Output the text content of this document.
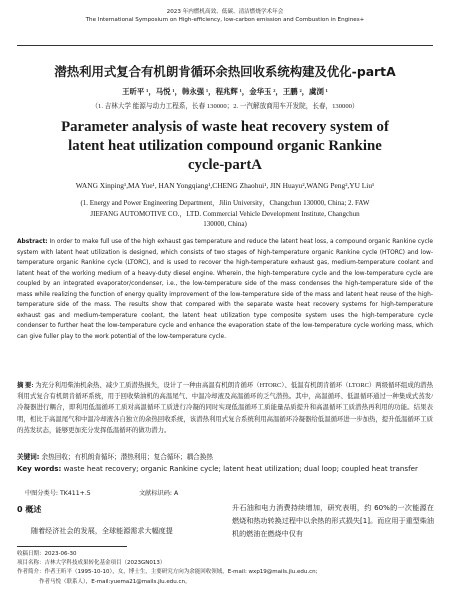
2023 年内燃机高效、低碳、清洁燃烧学术年会
The International Symposium on High-efficiency, low-carbon emission and Combustion in Engines+
潜热利用式复合有机朗肯循环余热回收系统构建及优化-partA
王昕平 ¹，马悦 ¹，韩永强 ¹，程兆辉 ¹，金华玉 ²，王鹏 ²，虞浏 ¹
（1. 吉林大学 能源与动力工程系，长春 130000；2. 一汽解放商用车开发院，长春，130000）
Parameter analysis of waste heat recovery system of
latent heat utilization compound organic Rankine
cycle-partA
WANG Xinping¹,MA Yue¹, HAN Yongqiang¹,CHENG Zhaohui¹, JIN Huayu²,WANG Peng²,YU Liu¹
(1. Energy and Power Engineering Department，Jilin University，Changchun 130000, China; 2. FAW
JIEFANG AUTOMOTIVE CO.，LTD. Commercial Vehicle Development Institute, Changchun
130000, China)

Abstract: In order to make full use of the high exhaust gas temperature and reduce the latent heat loss, a compound organic Rankine cycle system with latent heat utilization is designed, which consists of two stages of high-temperature organic Rankine cycle (HTORC) and low-temperature organic Rankine cycle (LTORC), and is used to recover the high-temperature exhaust gas, medium-temperature coolant and latent heat of the working medium of a heavy-duty diesel engine. Wherein, the high-temperature cycle and the low-temperature cycle are coupled by an integrated evaporator/condenser, i.e., the low-temperature side of the mass condenses the high-temperature side of the mass while realizing the function of energy quality improvement of the low-temperature side of the mass and latent heat reuse of the high-temperature side of the mass. The results show that compared with the separate waste heat recovery systems for high-temperature exhaust gas and medium-temperature coolant, the latent heat utilization type composite system uses the high-temperature cycle condenser to further heat the low-temperature cycle and enhance the evaporation state of the low-temperature cycle working mass, which can give fuller play to the work potential of the low-temperature cycle.

摘 要: 为充分利用柴油机余热、减少工质潜热损失，设计了一种由高温有机朗肯循环（HTORC）、低温有机朗肯循环（LTORC）两级循环组成的潜热利用式复合有机朗肯循环系统，用于回收柴油机的高温尾气、中温冷却液及高温循环的乏气潜热。其中，高温循环、低温循环通过一种集成式蒸发/冷凝器进行耦合，即利用低温循环工质对高温循环工质进行冷凝的同时实现低温循环工质能量品质提升和高温循环工质潜热再利用的功能。结果表明，相比于高温尾气和中温冷却液各自独立的余热回收系统，该潜热利用式复合系统利用高温循环冷凝器给低温循环进一步加热，提升低温循环工质的蒸发状态，能够更加充分发挥低温循环的做功潜力。

关键词: 余热回收；有机朗肯循环；潜热利用；复合循环；耦合换热
Key words: waste heat recovery; organic Rankine cycle; latent heat utilization; dual loop; coupled heat transfer
中图分类号: TK411+.5	文献标识码: A
0 概述
随着经济社会的发展，全球能源需求大幅度提
升石油和电力消费持续增加，研究表明，约 60%的一次能源在燃烧和热功转换过程中以余热的形式损失[1]。而应用于重型柴油机的燃油在燃烧中仅有
收稿日期：2023-06-30
项目名称：吉林大学科技成果转化基金项目（2023GN013）
作者简介：作者王昕平（1995-10-10），女，博士生，主要研究方向为余能回收领域，E-mail: wxp19@mails.jlu.edu.cn;
作者马悦（联系人），E-mail:yuema21@mails.jlu.edu.cn。
